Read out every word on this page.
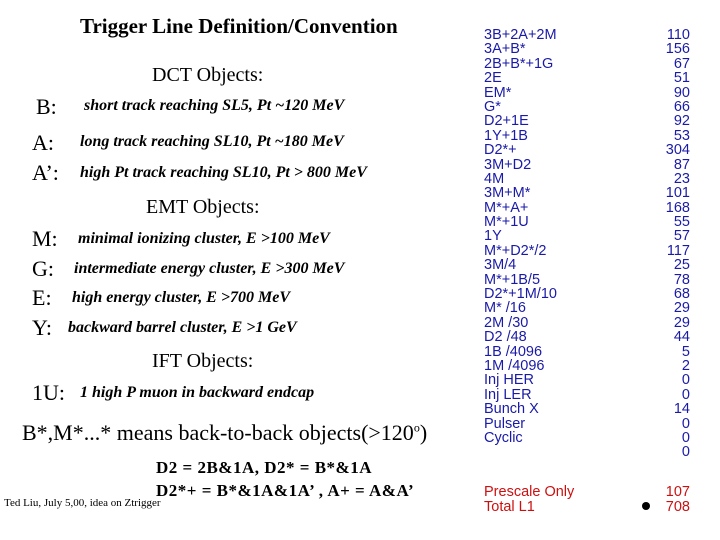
Trigger Line Definition/Convention
DCT Objects:
B: short track reaching SL5, Pt ~120 MeV
A: long track reaching SL10, Pt ~180 MeV
A’: high Pt track reaching SL10, Pt > 800 MeV
EMT Objects:
M: minimal ionizing cluster, E >100 MeV
G: intermediate energy cluster, E >300 MeV
E: high energy cluster, E >700 MeV
Y: backward barrel cluster, E >1 GeV
IFT Objects:
1U: 1 high P muon in backward endcap
B*,M*...* means back-to-back $objects(>120^o)$
D2 = 2B&1A, D2* = B*&1A
D2*+ = B*&1A&1A’ , A+ = A&A’
Ted Liu, July 5,00, idea on Ztrigger
3B+2A+2M
3A+B*
2B+B*+1G
2E
EM*
G*
D2+1E
1Y+1B
D2*+
3M+D2
4M
3M+M*
M*+A+
M*+1U
1Y
M*+D2*/2
3M/4
M*+1B/5
D2*+1M/10
M* /16
2M /30
D2 /48
1B /4096
1M /4096
Inj HER
Inj LER
Bunch X
Pulser
Cyclic
110
156
67
51
90
66
92
53
304
87
23
101
168
55
57
117
25
78
68
29
29
44
5
2
0
0
14
0
0
0
Prescale Only	107
Total L1	708
